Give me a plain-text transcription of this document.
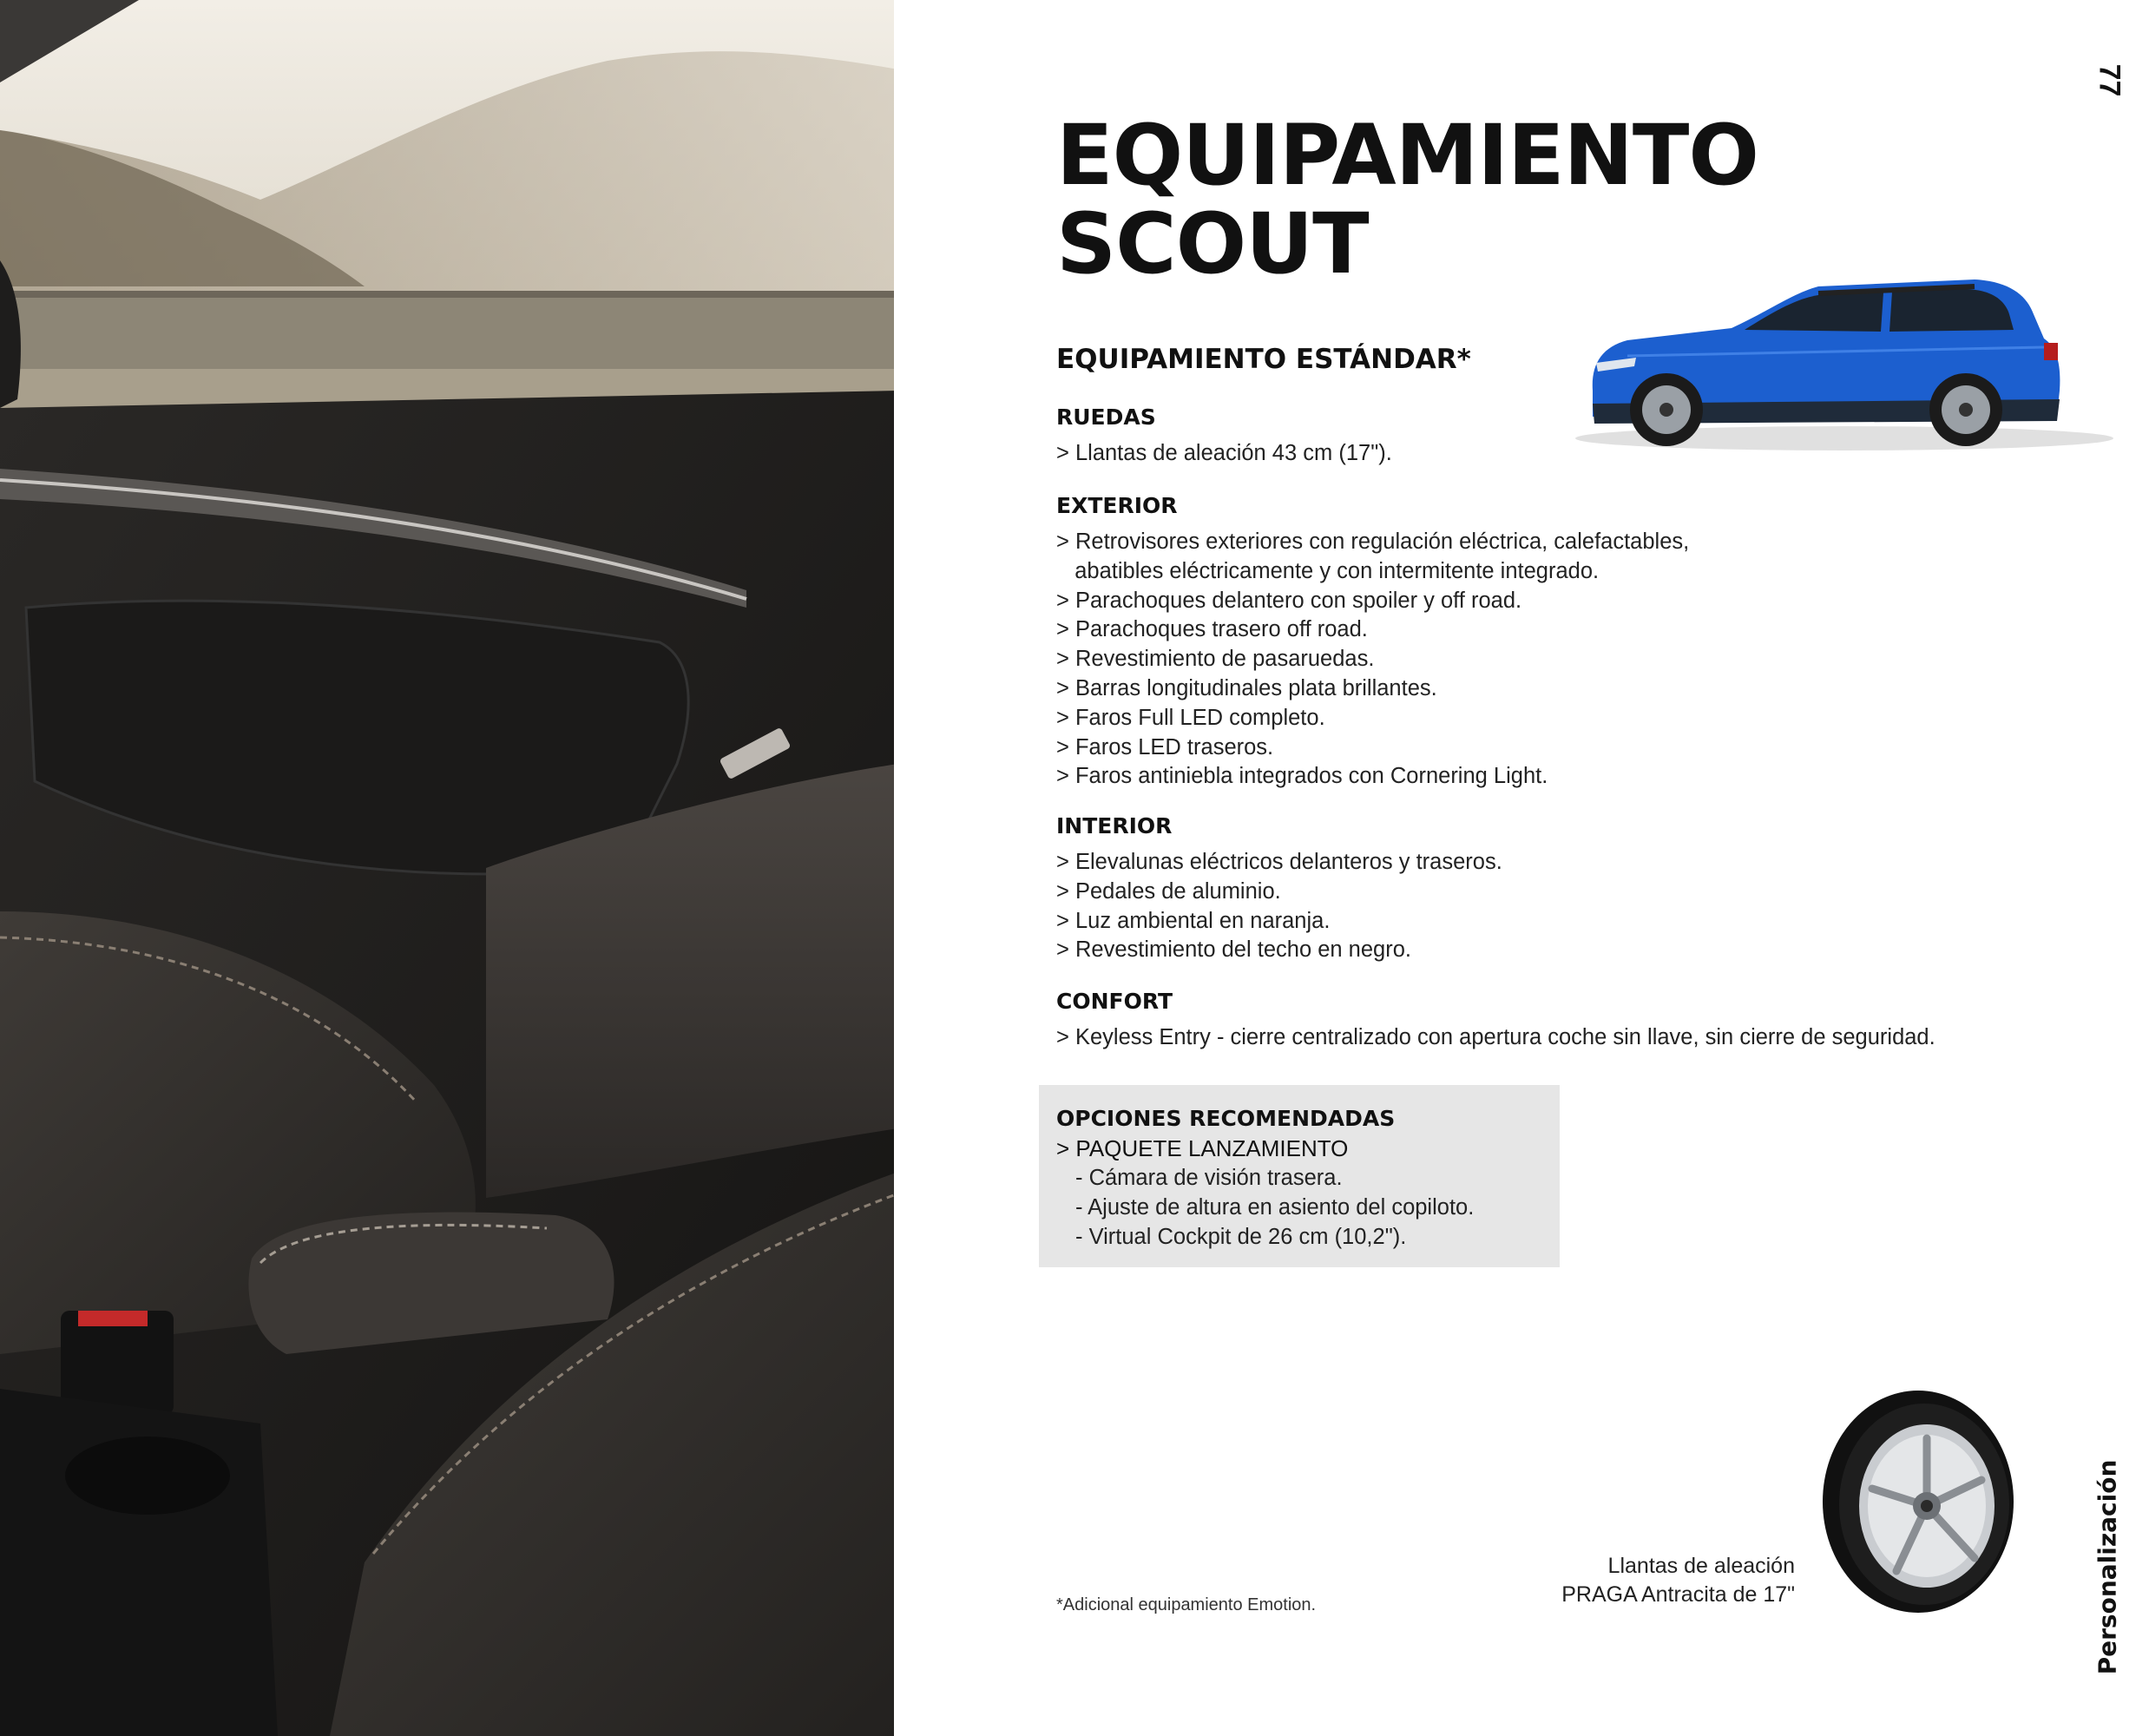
77
EQUIPAMIENTO
SCOUT
EQUIPAMIENTO ESTÁNDAR*
RUEDAS
> Llantas de aleación 43 cm (17").
EXTERIOR
> Retrovisores exteriores con regulación eléctrica, calefactables,
abatibles eléctricamente y con intermitente integrado.
> Parachoques delantero con spoiler y off road.
> Parachoques trasero off road.
> Revestimiento de pasaruedas.
> Barras longitudinales plata brillantes.
> Faros Full LED completo.
> Faros LED traseros.
> Faros antiniebla integrados con Cornering Light.
INTERIOR
> Elevalunas eléctricos delanteros y traseros.
> Pedales de aluminio.
> Luz ambiental en naranja.
> Revestimiento del techo en negro.
CONFORT
> Keyless Entry - cierre centralizado con apertura coche sin llave, sin cierre de seguridad.
OPCIONES RECOMENDADAS
> PAQUETE LANZAMIENTO
- Cámara de visión trasera.
- Ajuste de altura en asiento del copiloto.
- Virtual Cockpit de 26 cm (10,2").
Llantas de aleación
PRAGA Antracita de 17"
*Adicional equipamiento Emotion.	Personalización
